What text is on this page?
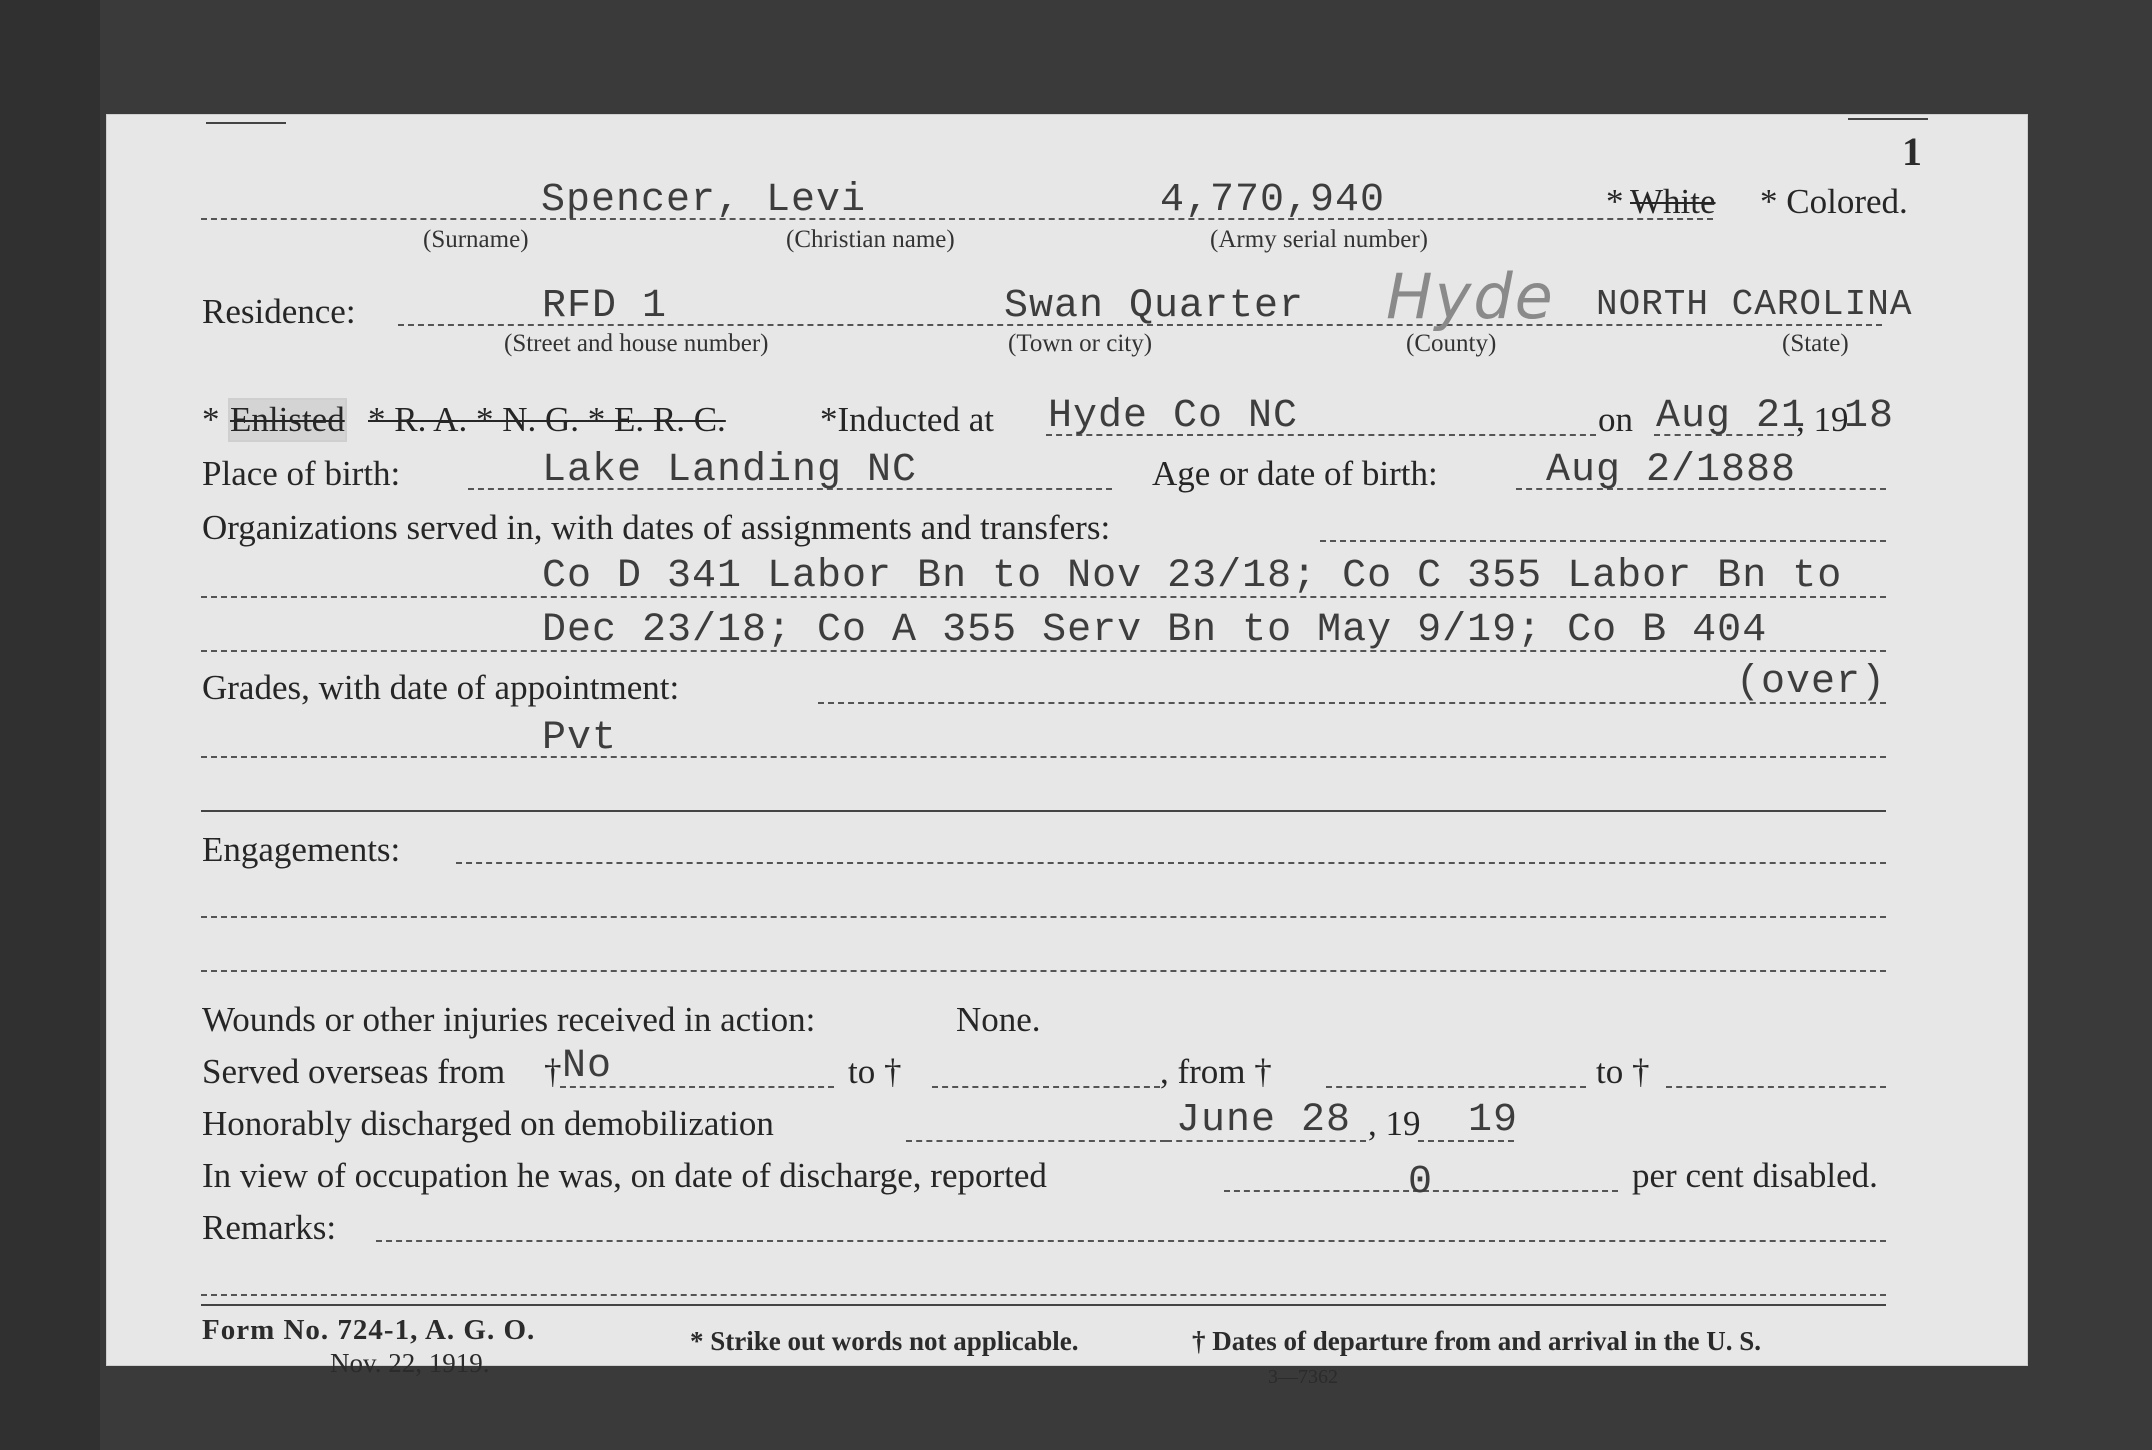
1
Spencer, Levi
(Surname)	(Christian name)
4,770,940
(Army serial number)
* White * Colored.
Residence:	RFD 1
(Street and house number)
Swan Quarter
(Town or city)
Hyde
(County)
NORTH CAROLINA
(State)
* Enlisted * R. A. * N. G. * E. R. C.	*Inducted at Hyde Co NC	on Aug 21
, 19
18
Place of birth:	Lake Landing NC	Age or date of birth:	Aug 2/1888
Organizations served in, with dates of assignments and transfers:
Co D 341 Labor Bn to Nov 23/18; Co C 355 Labor Bn to
Dec 23/18; Co A 355 Serv Bn to May 9/19; Co B 404
Grades, with date of appointment:	(over)
Pvt
Engagements:
Wounds or other injuries received in action:	None.
Served overseas from † No	to †	, from †	to †
Honorably discharged on demobilization	June 28 , 19 19
In view of occupation he was, on date of discharge, reported	0	per cent disabled.
Remarks:
Form No. 724-1, A. G. O.
Nov. 22, 1919.
* Strike out words not applicable.	† Dates of departure from and arrival in the U. S.
3—7362
